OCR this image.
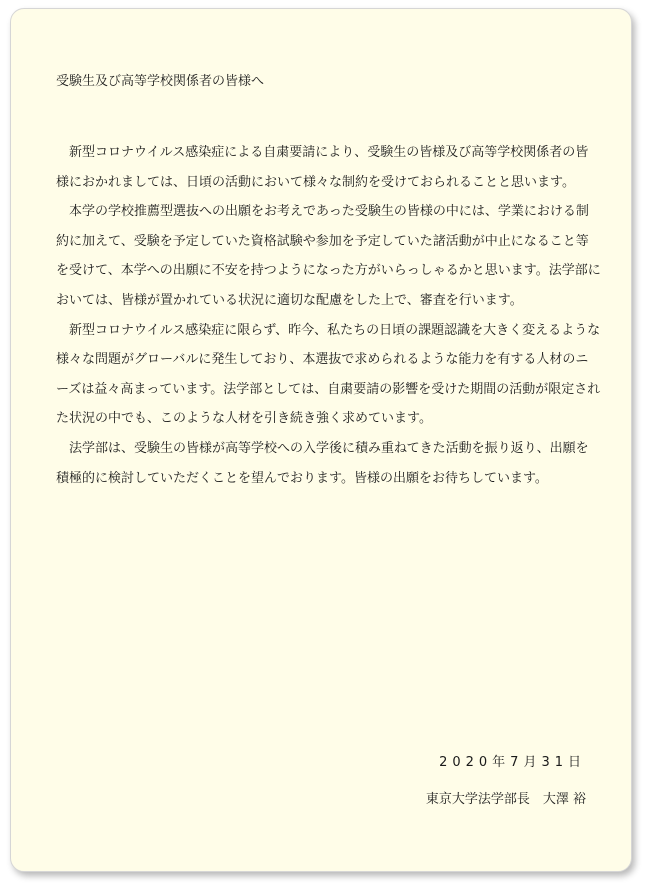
受験生及び高等学校関係者の皆様へ

新型コロナウイルス感染症による自粛要請により、受験生の皆様及び高等学校関係者の皆様におかれましては、日頃の活動において様々な制約を受けておられることと思います。

本学の学校推薦型選抜への出願をお考えであった受験生の皆様の中には、学業における制約に加えて、受験を予定していた資格試験や参加を予定していた諸活動が中止になること等を受けて、本学への出願に不安を持つようになった方がいらっしゃるかと思います。法学部においては、皆様が置かれている状況に適切な配慮をした上で、審査を行います。

新型コロナウイルス感染症に限らず、昨今、私たちの日頃の課題認識を大きく変えるような様々な問題がグローバルに発生しており、本選抜で求められるような能力を有する人材のニーズは益々高まっています。法学部としては、自粛要請の影響を受けた期間の活動が限定された状況の中でも、このような人材を引き続き強く求めています。

法学部は、受験生の皆様が高等学校への入学後に積み重ねてきた活動を振り返り、出願を積極的に検討していただくことを望んでおります。皆様の出願をお待ちしています。

2020年7月31日
東京大学法学部長　大澤 裕
